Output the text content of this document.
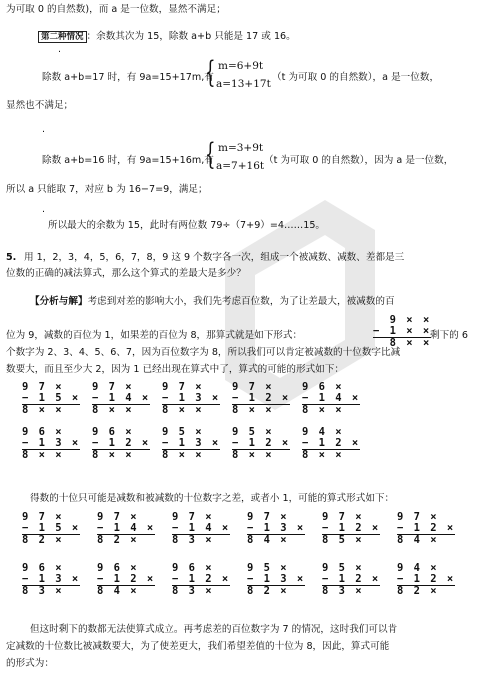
为可取 0 的自然数)，而 a 是一位数，显然不满足；
第二种情况 ：余数其次为 15，除数 a+b 只能是 17 或 16。
.
除数 a+b=17 时，有 9a=15+17m,有
{ m=6+9t
a=13+17t
（t 为可取 0 的自然数），a 是一位数，
显然也不满足；
.
除数 a+b=16 时，有 9a=15+16m,有
{ m=3+9t
a=7+16t （t 为可取 0 的自然数），因为 a 是一位数，
所以 a 只能取 7，对应 b 为 16−7=9，满足；
.
所以最大的余数为 15，此时有两位数 79÷（7+9）=4……15。
5. 用 1，2，3，4，5，6，7，8，9 这 9 个数字各一次，组成一个被减数、减数、差都是三
位数的正确的减法算式，那么这个算式的差最大是多少？
【分析与解】考虑到对差的影响大小，我们先考虑百位数，为了让差最大，被减数的百
9 × ×
− 1 × ×
8 × ×
位为 9，减数的百位为 1，如果差的百位为 8，那算式就是如下形式：	剩下的 6
个数字为 2、3、4、5、6、7，因为百位数字为 8，所以我们可以肯定被减数的十位数字比减
数要大，而且至少大 2，因为 1 已经出现在算式中了，算式的可能的形式如下：
9 7 ×
− 1 5 ×
8 × ×
9 7 ×
− 1 4 ×
8 × ×
9 7 ×
− 1 3 ×
8 × ×
9 7 ×
− 1 2 ×
8 × ×
9 6 ×
− 1 4 ×
8 × ×
9 6 ×
− 1 3 ×
8 × ×
9 6 ×
− 1 2 ×
8 × ×
9 5 ×
− 1 3 ×
8 × ×
9 5 ×
− 1 2 ×
8 × ×
9 4 ×
− 1 2 ×
8 × ×
得数的十位只可能是减数和被减数的十位数字之差，或者小 1，可能的算式形式如下：
9 7 ×
− 1 5 ×
8 2 ×
9 7 ×
− 1 4 ×
8 2 ×
9 7 ×
− 1 4 ×
8 3 ×
9 7 ×
− 1 3 ×
8 4 ×
9 7 ×
− 1 2 ×
8 5 ×
9 7 ×
− 1 2 ×
8 4 ×
9 6 ×
− 1 3 ×
8 3 ×
9 6 ×
− 1 2 ×
8 4 ×
9 6 ×
− 1 2 ×
8 3 ×
9 5 ×
− 1 3 ×
8 2 ×
9 5 ×
− 1 2 ×
8 3 ×
9 4 ×
− 1 2 ×
8 2 ×
但这时剩下的数都无法使算式成立。再考虑差的百位数字为 7 的情况，这时我们可以肯
定减数的十位数比被减数要大，为了使差更大，我们希望差值的十位为 8，因此，算式可能
的形式为：
